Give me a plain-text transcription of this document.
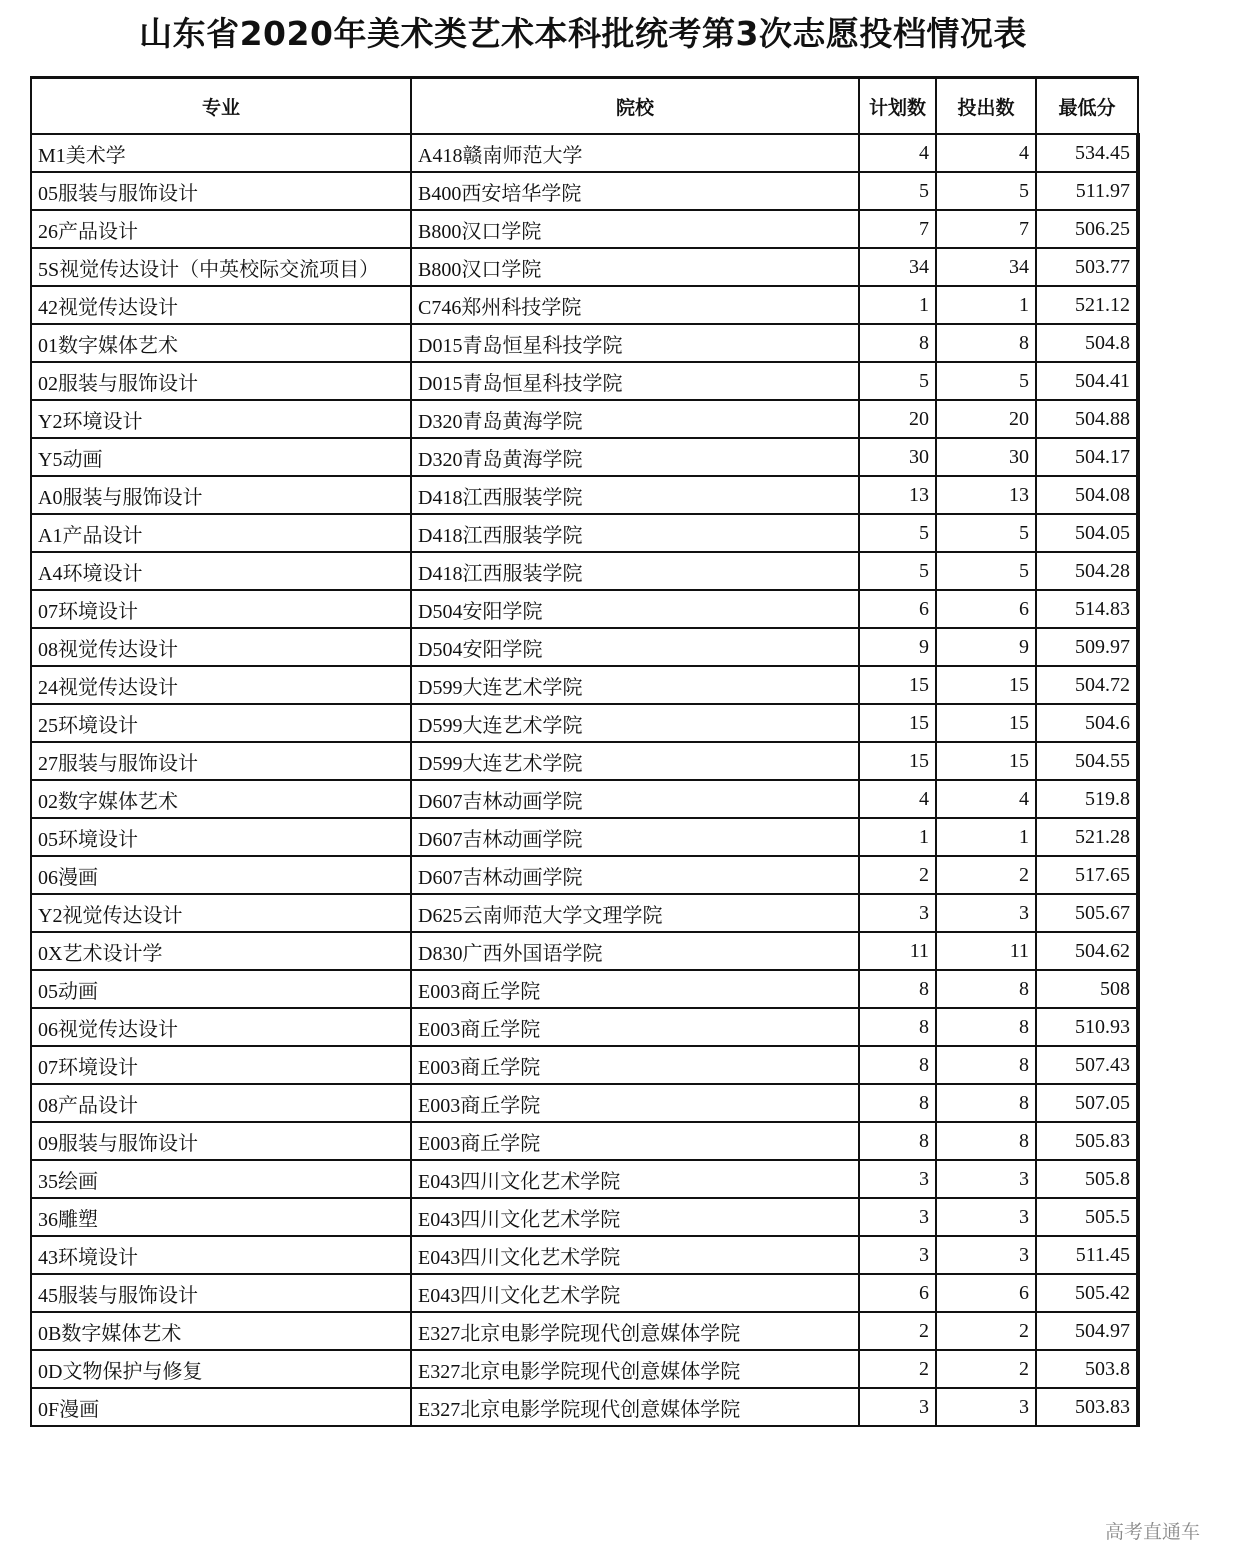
山东省2020年美术类艺术本科批统考第3次志愿投档情况表
专业	院校	计划数	投出数	最低分
M1美术学	A418赣南师范大学	4	4	534.45
05服装与服饰设计	B400西安培华学院	5	5	511.97
26产品设计	B800汉口学院	7	7	506.25
5S视觉传达设计（中英校际交流项目）	B800汉口学院	34	34	503.77
42视觉传达设计	C746郑州科技学院	1	1	521.12
01数字媒体艺术	D015青岛恒星科技学院	8	8	504.8
02服装与服饰设计	D015青岛恒星科技学院	5	5	504.41
Y2环境设计	D320青岛黄海学院	20	20	504.88
Y5动画	D320青岛黄海学院	30	30	504.17
A0服装与服饰设计	D418江西服装学院	13	13	504.08
A1产品设计	D418江西服装学院	5	5	504.05
A4环境设计	D418江西服装学院	5	5	504.28
07环境设计	D504安阳学院	6	6	514.83
08视觉传达设计	D504安阳学院	9	9	509.97
24视觉传达设计	D599大连艺术学院	15	15	504.72
25环境设计	D599大连艺术学院	15	15	504.6
27服装与服饰设计	D599大连艺术学院	15	15	504.55
02数字媒体艺术	D607吉林动画学院	4	4	519.8
05环境设计	D607吉林动画学院	1	1	521.28
06漫画	D607吉林动画学院	2	2	517.65
Y2视觉传达设计	D625云南师范大学文理学院	3	3	505.67
0X艺术设计学	D830广西外国语学院	11	11	504.62
05动画	E003商丘学院	8	8	508
06视觉传达设计	E003商丘学院	8	8	510.93
07环境设计	E003商丘学院	8	8	507.43
08产品设计	E003商丘学院	8	8	507.05
09服装与服饰设计	E003商丘学院	8	8	505.83
35绘画	E043四川文化艺术学院	3	3	505.8
36雕塑	E043四川文化艺术学院	3	3	505.5
43环境设计	E043四川文化艺术学院	3	3	511.45
45服装与服饰设计	E043四川文化艺术学院	6	6	505.42
0B数字媒体艺术	E327北京电影学院现代创意媒体学院	2	2	504.97
0D文物保护与修复	E327北京电影学院现代创意媒体学院	2	2	503.8
0F漫画	E327北京电影学院现代创意媒体学院	3	3	503.83
高考直通车
